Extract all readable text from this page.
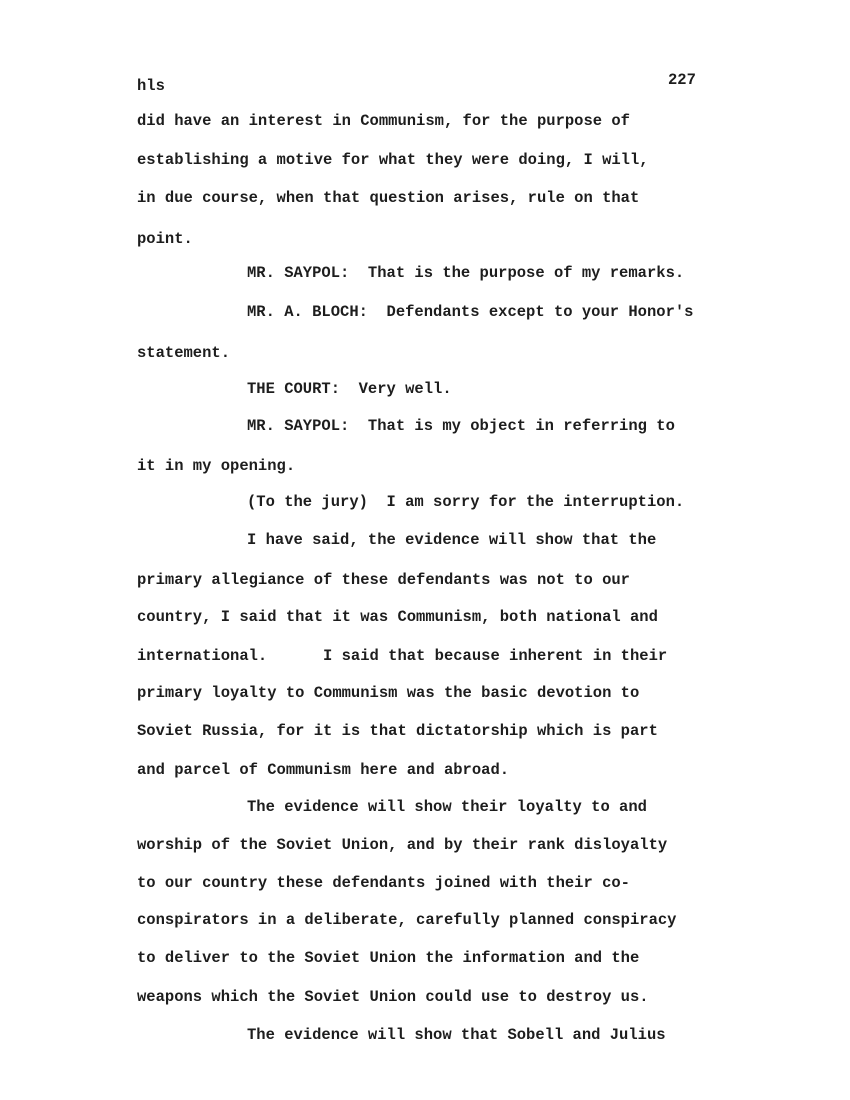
hls	227
did have an interest in Communism, for the purpose of
establishing a motive for what they were doing, I will,
in due course, when that question arises, rule on that
point.
MR. SAYPOL:  That is the purpose of my remarks.
MR. A. BLOCH:  Defendants except to your Honor's
statement.
THE COURT:  Very well.
MR. SAYPOL:  That is my object in referring to
it in my opening.
(To the jury)  I am sorry for the interruption.
I have said, the evidence will show that the
primary allegiance of these defendants was not to our
country, I said that it was Communism, both national and
international.      I said that because inherent in their
primary loyalty to Communism was the basic devotion to
Soviet Russia, for it is that dictatorship which is part
and parcel of Communism here and abroad.
The evidence will show their loyalty to and
worship of the Soviet Union, and by their rank disloyalty
to our country these defendants joined with their co-
conspirators in a deliberate, carefully planned conspiracy
to deliver to the Soviet Union the information and the
weapons which the Soviet Union could use to destroy us.
The evidence will show that Sobell and Julius
